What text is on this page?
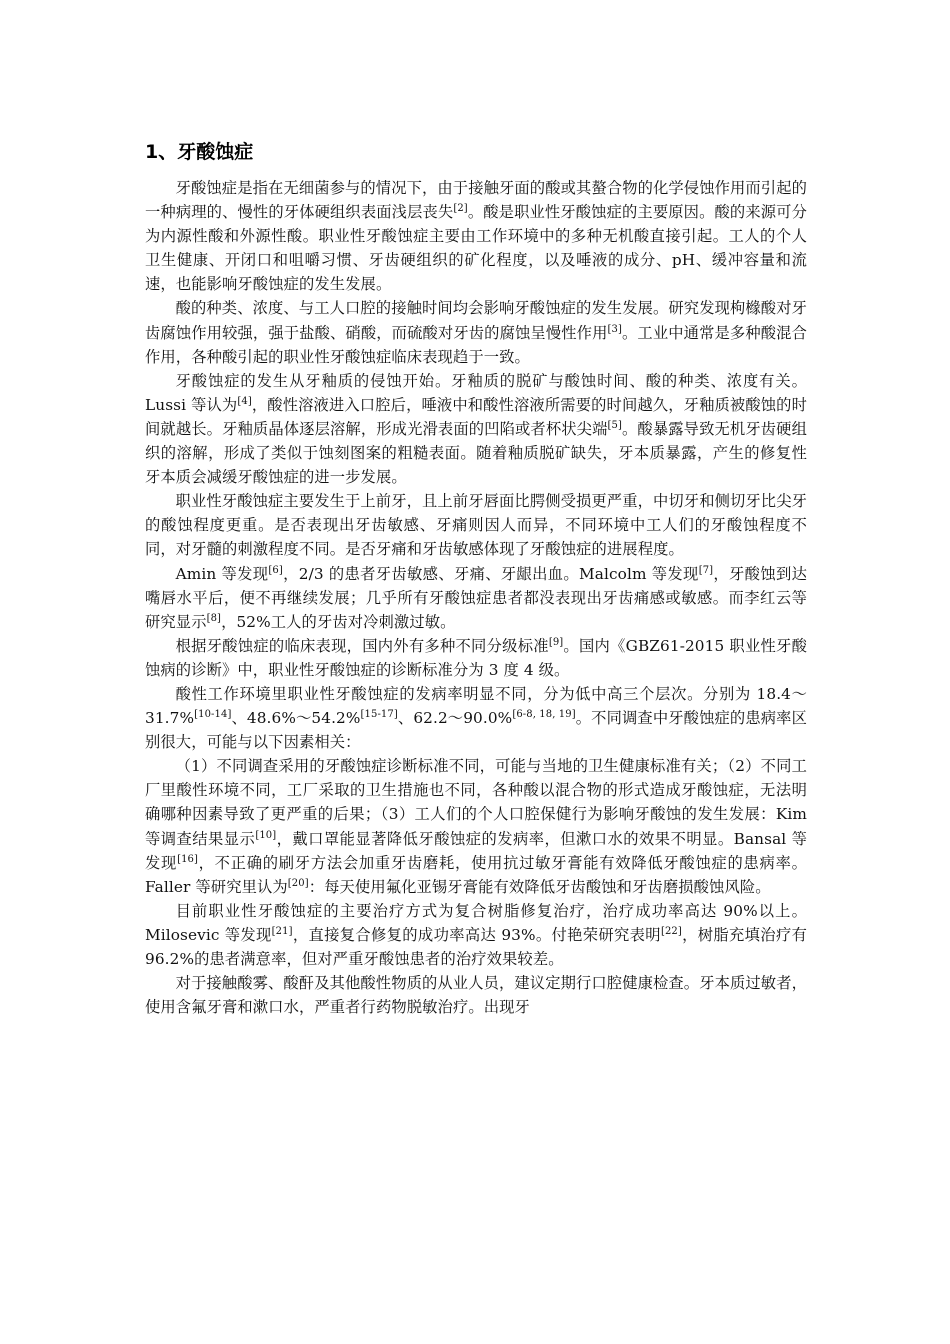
1、牙酸蚀症

牙酸蚀症是指在无细菌参与的情况下，由于接触牙面的酸或其螯合物的化学侵蚀作用而引起的一种病理的、慢性的牙体硬组织表面浅层丧失[2]。酸是职业性牙酸蚀症的主要原因。酸的来源可分为内源性酸和外源性酸。职业性牙酸蚀症主要由工作环境中的多种无机酸直接引起。工人的个人卫生健康、开闭口和咀嚼习惯、牙齿硬组织的矿化程度，以及唾液的成分、pH、缓冲容量和流速，也能影响牙酸蚀症的发生发展。

酸的种类、浓度、与工人口腔的接触时间均会影响牙酸蚀症的发生发展。研究发现枸橼酸对牙齿腐蚀作用较强，强于盐酸、硝酸，而硫酸对牙齿的腐蚀呈慢性作用[3]。工业中通常是多种酸混合作用，各种酸引起的职业性牙酸蚀症临床表现趋于一致。

牙酸蚀症的发生从牙釉质的侵蚀开始。牙釉质的脱矿与酸蚀时间、酸的种类、浓度有关。Lussi 等认为[4]，酸性溶液进入口腔后，唾液中和酸性溶液所需要的时间越久，牙釉质被酸蚀的时间就越长。牙釉质晶体逐层溶解，形成光滑表面的凹陷或者杯状尖端[5]。酸暴露导致无机牙齿硬组织的溶解，形成了类似于蚀刻图案的粗糙表面。随着釉质脱矿缺失，牙本质暴露，产生的修复性牙本质会减缓牙酸蚀症的进一步发展。

职业性牙酸蚀症主要发生于上前牙，且上前牙唇面比腭侧受损更严重，中切牙和侧切牙比尖牙的酸蚀程度更重。是否表现出牙齿敏感、牙痛则因人而异，不同环境中工人们的牙酸蚀程度不同，对牙髓的刺激程度不同。是否牙痛和牙齿敏感体现了牙酸蚀症的进展程度。

Amin 等发现[6]，2/3 的患者牙齿敏感、牙痛、牙龈出血。Malcolm 等发现[7]，牙酸蚀到达嘴唇水平后，便不再继续发展；几乎所有牙酸蚀症患者都没表现出牙齿痛感或敏感。而李红云等研究显示[8]，52%工人的牙齿对冷刺激过敏。

根据牙酸蚀症的临床表现，国内外有多种不同分级标准[9]。国内《GBZ61-2015 职业性牙酸蚀病的诊断》中，职业性牙酸蚀症的诊断标准分为 3 度 4 级。

酸性工作环境里职业性牙酸蚀症的发病率明显不同，分为低中高三个层次。分别为 18.4～31.7%[10-14]、48.6%～54.2%[15-17]、62.2～90.0%[6-8, 18, 19]。不同调查中牙酸蚀症的患病率区别很大，可能与以下因素相关：

（1）不同调查采用的牙酸蚀症诊断标准不同，可能与当地的卫生健康标准有关；（2）不同工厂里酸性环境不同，工厂采取的卫生措施也不同，各种酸以混合物的形式造成牙酸蚀症，无法明确哪种因素导致了更严重的后果；（3）工人们的个人口腔保健行为影响牙酸蚀的发生发展：Kim 等调查结果显示[10]，戴口罩能显著降低牙酸蚀症的发病率，但漱口水的效果不明显。Bansal 等发现[16]，不正确的刷牙方法会加重牙齿磨耗，使用抗过敏牙膏能有效降低牙酸蚀症的患病率。Faller 等研究里认为[20]：每天使用氟化亚锡牙膏能有效降低牙齿酸蚀和牙齿磨损酸蚀风险。

目前职业性牙酸蚀症的主要治疗方式为复合树脂修复治疗，治疗成功率高达 90%以上。Milosevic 等发现[21]，直接复合修复的成功率高达 93%。付艳荣研究表明[22]，树脂充填治疗有 96.2%的患者满意率，但对严重牙酸蚀患者的治疗效果较差。

对于接触酸雾、酸酐及其他酸性物质的从业人员，建议定期行口腔健康检查。牙本质过敏者，使用含氟牙膏和漱口水，严重者行药物脱敏治疗。出现牙
